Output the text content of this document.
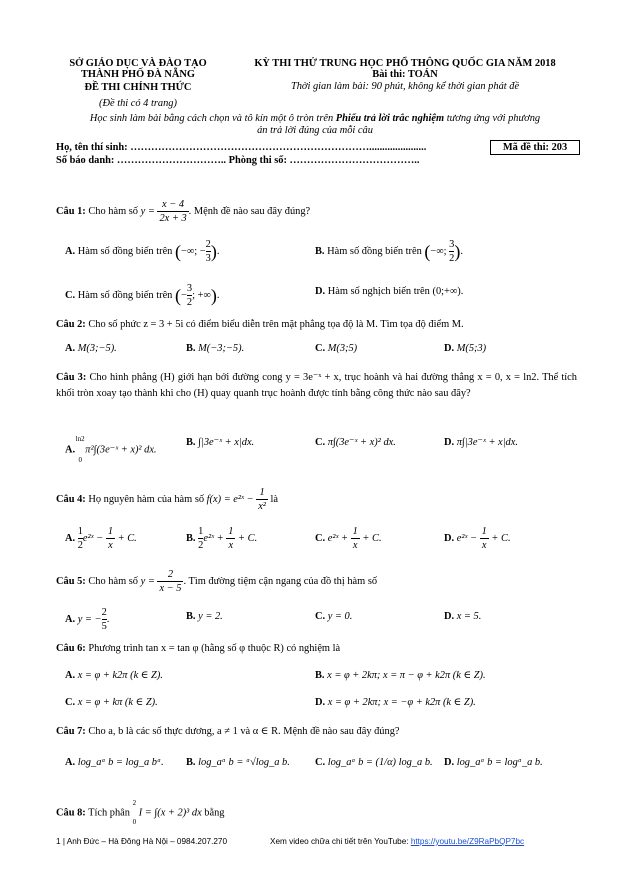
SỞ GIÁO DỤC VÀ ĐÀO TẠO
THÀNH PHỐ ĐÀ NẴNG
ĐỀ THI CHÍNH THỨC
(Đề thi có 4 trang)
KỲ THI THỬ TRUNG HỌC PHỔ THÔNG QUỐC GIA NĂM 2018
Bài thi: TOÁN
Thời gian làm bài: 90 phút, không kể thời gian phát đề
Học sinh làm bài bằng cách chọn và tô kín một ô tròn trên Phiếu trả lời trắc nghiệm tương ứng với phương
án trả lời đúng của mỗi câu
Họ, tên thí sinh: ……………………………………………………………......................
Số báo danh: ………………………….. Phòng thi số: ………………………………..
Mã đề thi: 203
Câu 1: Cho hàm số $y = \frac{x - 4}{2x + 3}$ . Mệnh đề nào sau đây đúng?
A. Hàm số đồng biến trên (−∞; − $\frac{2}{3}$ ).	B. Hàm số đồng biến trên (−∞; $\frac{3}{2}$ ).
C. Hàm số đồng biến trên (− $\frac{3}{2}$ ; +∞).	D. Hàm số nghịch biến trên (0;+∞).
Câu 2: Cho số phức z = 3 + 5i có điểm biểu diễn trên mặt phẳng tọa độ là M. Tìm tọa độ điểm M.
A. M(3;−5).	B. M(−3;−5).	C. M(3;5)	D. M(5;3)
Câu 3: Cho hình phẳng (H) giới hạn bởi đường cong y = 3e⁻ˣ + x, trục hoành và hai đường thẳng x = 0, x = ln2. Thể tích khối tròn xoay tạo thành khi cho (H) quay quanh trục hoành được tính bằng công thức nào sau đây?
A.
ln2
0
π²∫(3e⁻ˣ + x)² dx.
B. ∫|3e⁻ˣ + x|dx.	C. π∫(3e⁻ˣ + x)² dx.	D. π∫|3e⁻ˣ + x|dx.
Câu 4: Họ nguyên hàm của hàm số f(x) = e²ˣ − $\frac{1}{\text{x²}}$ là
A. $\frac{1}{2}$ e²ˣ − $\frac{1}{x} + C$.	B. $\frac{1}{2}$ e²ˣ + $\frac{1}{x} + C$.	C. e²ˣ + $\frac{1}{x} + C$.	D. e²ˣ − $\frac{1}{x} + C$.
Câu 5: Cho hàm số $y = \frac{2}{x - 5}$ . Tìm đường tiệm cận ngang của đồ thị hàm số
A. y = − $\frac{2}{5}$ .	B. y = 2.	C. y = 0.	D. x = 5.
Câu 6: Phương trình tan x = tan φ (hằng số φ thuộc R) có nghiệm là
A. x = φ + k2π (k ∈ Z).	B. x = φ + 2kπ; x = π − φ + k2π (k ∈ Z).
C. x = φ + kπ (k ∈ Z).	D. x = φ + 2kπ; x = −φ + k2π (k ∈ Z).
Câu 7: Cho a, b là các số thực dương, a ≠ 1 và α ∈ R. Mệnh đề nào sau đây đúng?
A. log_aᵅ b = log_a bᵅ. B. log_aᵅ b = ᵅ√log_a b. C. log_aᵅ b = (1/α) log_a b. D. log_aᵅ b = logᵅ_a b.
Câu 8: Tích phân
2
0
I = ∫(x + 2)³ dx bằng
1 | Anh Đức – Hà Đông Hà Nội – 0984.207.270	Xem video chữa chi tiết trên YouTube: https://youtu.be/Z9RaPbQP7bc
